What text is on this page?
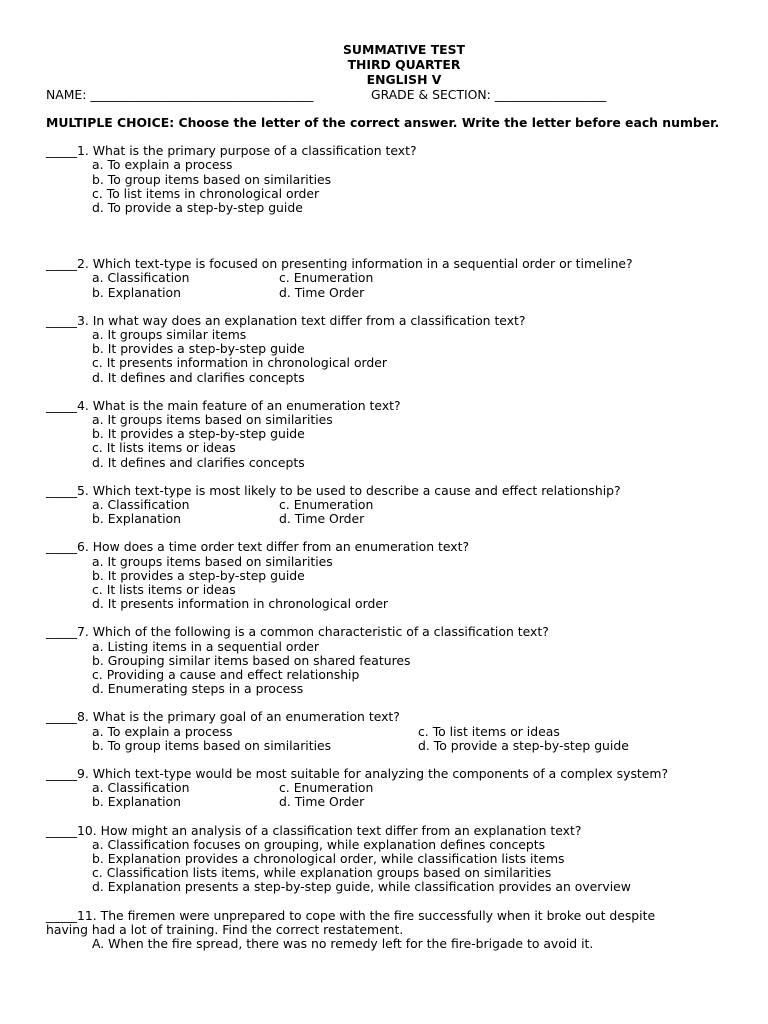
SUMMATIVE TEST
THIRD QUARTER
ENGLISH V
NAME: ____________________________________	GRADE & SECTION: __________________
MULTIPLE CHOICE: Choose the letter of the correct answer. Write the letter before each number.
_____1. What is the primary purpose of a classification text?
a. To explain a process
b. To group items based on similarities
c. To list items in chronological order
d. To provide a step-by-step guide
_____2. Which text-type is focused on presenting information in a sequential order or timeline?
a. Classification	c. Enumeration
b. Explanation	d. Time Order
_____3. In what way does an explanation text differ from a classification text?
a. It groups similar items
b. It provides a step-by-step guide
c. It presents information in chronological order
d. It defines and clarifies concepts
_____4. What is the main feature of an enumeration text?
a. It groups items based on similarities
b. It provides a step-by-step guide
c. It lists items or ideas
d. It defines and clarifies concepts
_____5. Which text-type is most likely to be used to describe a cause and effect relationship?
a. Classification	c. Enumeration
b. Explanation	d. Time Order
_____6. How does a time order text differ from an enumeration text?
a. It groups items based on similarities
b. It provides a step-by-step guide
c. It lists items or ideas
d. It presents information in chronological order
_____7. Which of the following is a common characteristic of a classification text?
a. Listing items in a sequential order
b. Grouping similar items based on shared features
c. Providing a cause and effect relationship
d. Enumerating steps in a process
_____8. What is the primary goal of an enumeration text?
a. To explain a process	c. To list items or ideas
b. To group items based on similarities	d. To provide a step-by-step guide
_____9. Which text-type would be most suitable for analyzing the components of a complex system?
a. Classification	c. Enumeration
b. Explanation	d. Time Order
_____10. How might an analysis of a classification text differ from an explanation text?
a. Classification focuses on grouping, while explanation defines concepts
b. Explanation provides a chronological order, while classification lists items
c. Classification lists items, while explanation groups based on similarities
d. Explanation presents a step-by-step guide, while classification provides an overview
_____11. The firemen were unprepared to cope with the fire successfully when it broke out despite
having had a lot of training. Find the correct restatement.
A. When the fire spread, there was no remedy left for the fire-brigade to avoid it.
